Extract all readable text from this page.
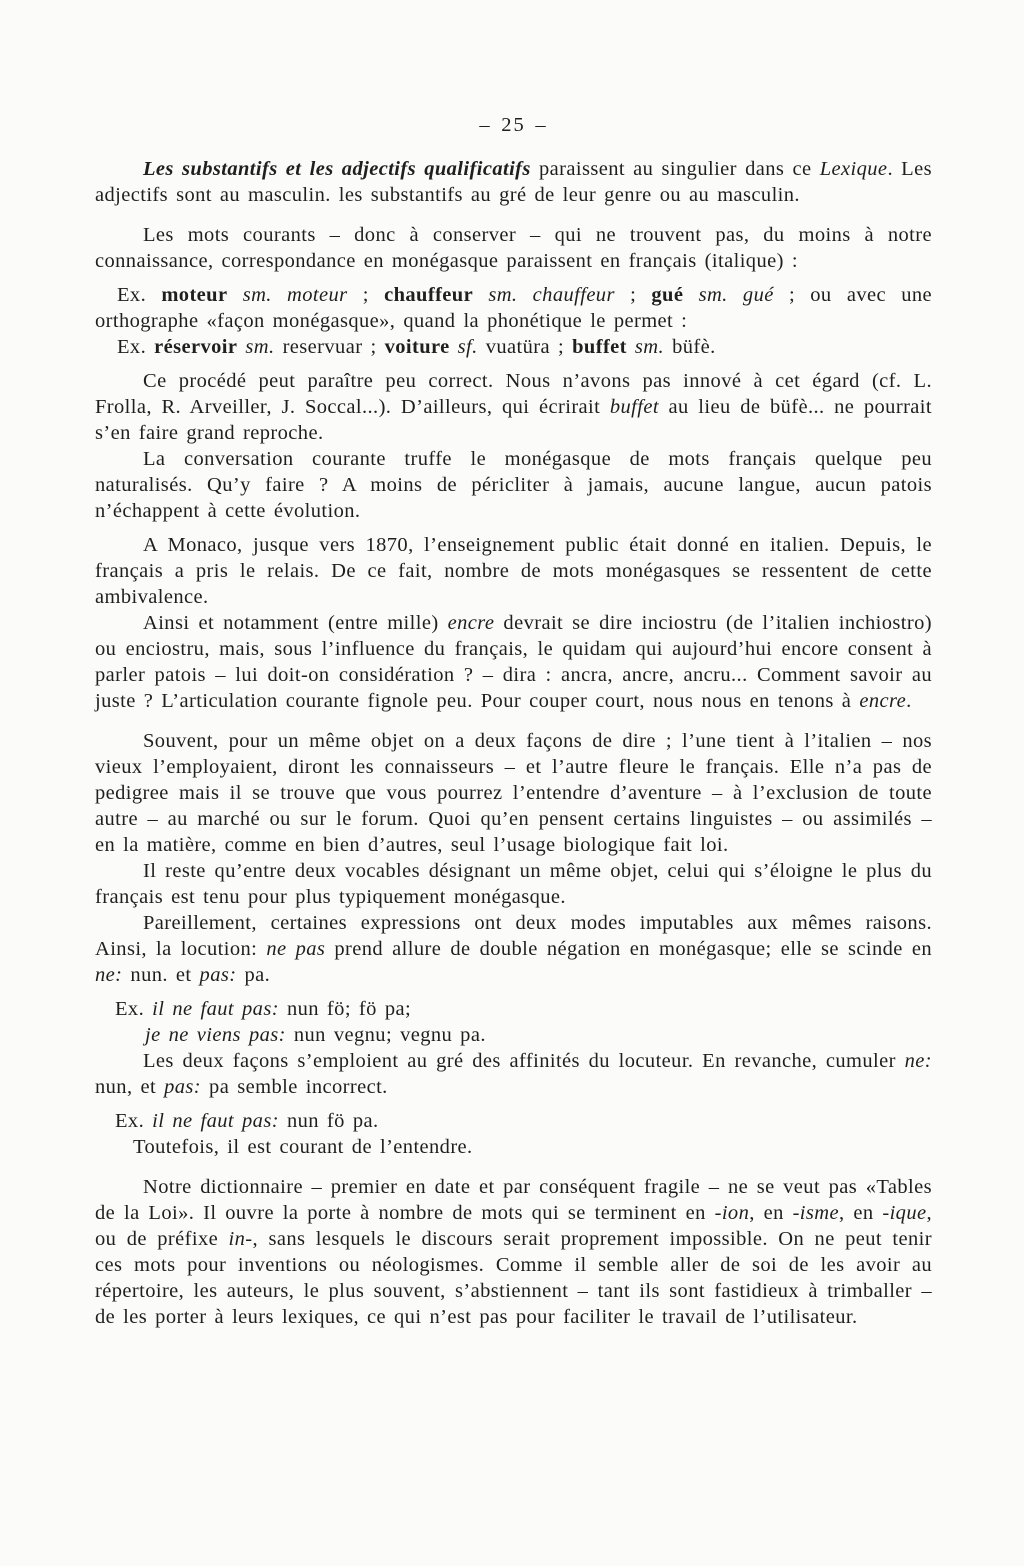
– 25 –

Les substantifs et les adjectifs qualificatifs paraissent au singulier dans ce Lexique. Les adjectifs sont au masculin. les substantifs au gré de leur genre ou au masculin.

Les mots courants – donc à conserver – qui ne trouvent pas, du moins à notre connaissance, correspondance en monégasque paraissent en français (italique) :

Ex. moteur sm. moteur ; chauffeur sm. chauffeur ; gué sm. gué ; ou avec une orthographe «façon monégasque», quand la phonétique le permet :

Ex. réservoir sm. reservuar ; voiture sf. vuatüra ; buffet sm. büfè.

Ce procédé peut paraître peu correct. Nous n’avons pas innové à cet égard (cf. L. Frolla, R. Arveiller, J. Soccal...). D’ailleurs, qui écrirait buffet au lieu de büfè... ne pourrait s’en faire grand reproche.

La conversation courante truffe le monégasque de mots français quelque peu naturalisés. Qu’y faire ? A moins de péricliter à jamais, aucune langue, aucun patois n’échappent à cette évolution.

A Monaco, jusque vers 1870, l’enseignement public était donné en italien. Depuis, le français a pris le relais. De ce fait, nombre de mots monégasques se ressentent de cette ambivalence.

Ainsi et notamment (entre mille) encre devrait se dire inciostru (de l’italien inchiostro) ou enciostru, mais, sous l’influence du français, le quidam qui aujourd’hui encore consent à parler patois – lui doit-on considération ? – dira : ancra, ancre, ancru... Comment savoir au juste ? L’articulation courante fignole peu. Pour couper court, nous nous en tenons à encre.

Souvent, pour un même objet on a deux façons de dire ; l’une tient à l’italien – nos vieux l’employaient, diront les connaisseurs – et l’autre fleure le français. Elle n’a pas de pedigree mais il se trouve que vous pourrez l’entendre d’aventure – à l’exclusion de toute autre – au marché ou sur le forum. Quoi qu’en pensent certains linguistes – ou assimilés – en la matière, comme en bien d’autres, seul l’usage biologique fait loi.

Il reste qu’entre deux vocables désignant un même objet, celui qui s’éloigne le plus du français est tenu pour plus typiquement monégasque.

Pareillement, certaines expressions ont deux modes imputables aux mêmes raisons. Ainsi, la locution: ne pas prend allure de double négation en monégasque; elle se scinde en ne: nun. et pas: pa.

Ex. il ne faut pas: nun fö; fö pa;

je ne viens pas: nun vegnu; vegnu pa.

Les deux façons s’emploient au gré des affinités du locuteur. En revanche, cumuler ne: nun, et pas: pa semble incorrect.

Ex. il ne faut pas: nun fö pa.

Toutefois, il est courant de l’entendre.

Notre dictionnaire – premier en date et par conséquent fragile – ne se veut pas «Tables de la Loi». Il ouvre la porte à nombre de mots qui se terminent en -ion, en -isme, en -ique, ou de préfixe in-, sans lesquels le discours serait proprement impossible. On ne peut tenir ces mots pour inventions ou néologismes. Comme il semble aller de soi de les avoir au répertoire, les auteurs, le plus souvent, s’abstiennent – tant ils sont fastidieux à trimballer – de les porter à leurs lexiques, ce qui n’est pas pour faciliter le travail de l’utilisateur.
